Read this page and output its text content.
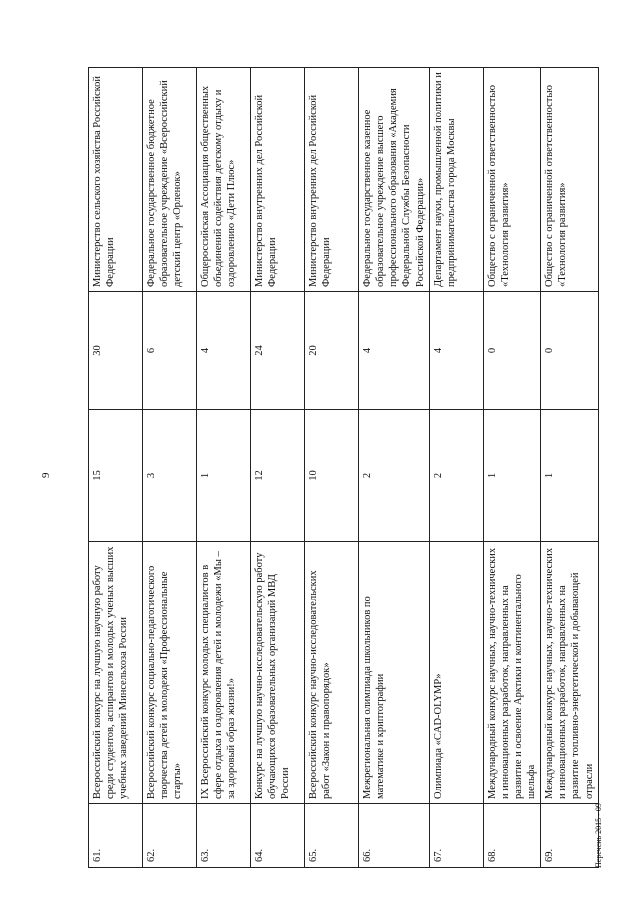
9
61.	Всероссийский конкурс на лучшую научную работу среди студентов, аспирантов и молодых ученых высших учебных заведений Минсельхоза России	15	30	Министерство сельского хозяйства Российской Федерации
62.	Всероссийский конкурс социально-педагогического творчества детей и молодежи «Профессиональные старты»	3	6	Федеральное государственное бюджетное образовательное учреждение «Всероссийский детский центр «Орленок»
63.	IX Всероссийский конкурс молодых специалистов в сфере отдыха и оздоровления детей и молодежи «Мы – за здоровый образ жизни!»	1	4	Общероссийская Ассоциация общественных объединений содействия детскому отдыху и оздоровлению «Дети Плюс»
64.	Конкурс на лучшую научно-исследовательскую работу обучающихся образовательных организаций МВД России	12	24	Министерство внутренних дел Российской Федерации
65.	Всероссийский конкурс научно-исследовательских работ «Закон и правопорядок»	10	20	Министерство внутренних дел Российской Федерации
66.	Межрегиональная олимпиада школьников по математике и криптографии	2	4	Федеральное государственное казенное образовательное учреждение высшего профессионального образования «Академия Федеральной Службы Безопасности Российской Федерации»
67.	Олимпиада «CAD-OLYMP»	2	4	Департамент науки, промышленной политики и предпринимательства города Москвы
68.	Международный конкурс научных, научно-технических и инновационных разработок, направленных на развитие и освоение Арктики и континентального шельфа	1	0	Общество с ограниченной ответственностью «Технология развития»
69.	Международный конкурс научных, научно-технических и инновационных разработок, направленных на развитие топливно-энергетической и добывающей отрасли	1	0	Общество с ограниченной ответственностью «Технология развития»
Перечень 2015 - 09
